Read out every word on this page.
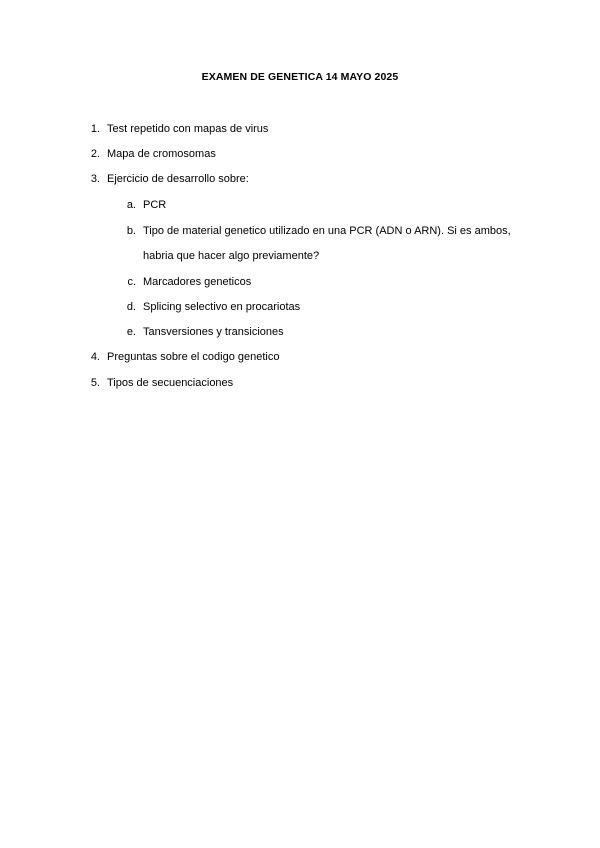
EXAMEN DE GENETICA 14 MAYO 2025
1. Test repetido con mapas de virus
2. Mapa de cromosomas
3. Ejercicio de desarrollo sobre:
a. PCR
b. Tipo de material genetico utilizado en una PCR (ADN o ARN). Si es ambos,
habria que hacer algo previamente?
c. Marcadores geneticos
d. Splicing selectivo en procariotas
e. Tansversiones y transiciones
4. Preguntas sobre el codigo genetico
5. Tipos de secuenciaciones
